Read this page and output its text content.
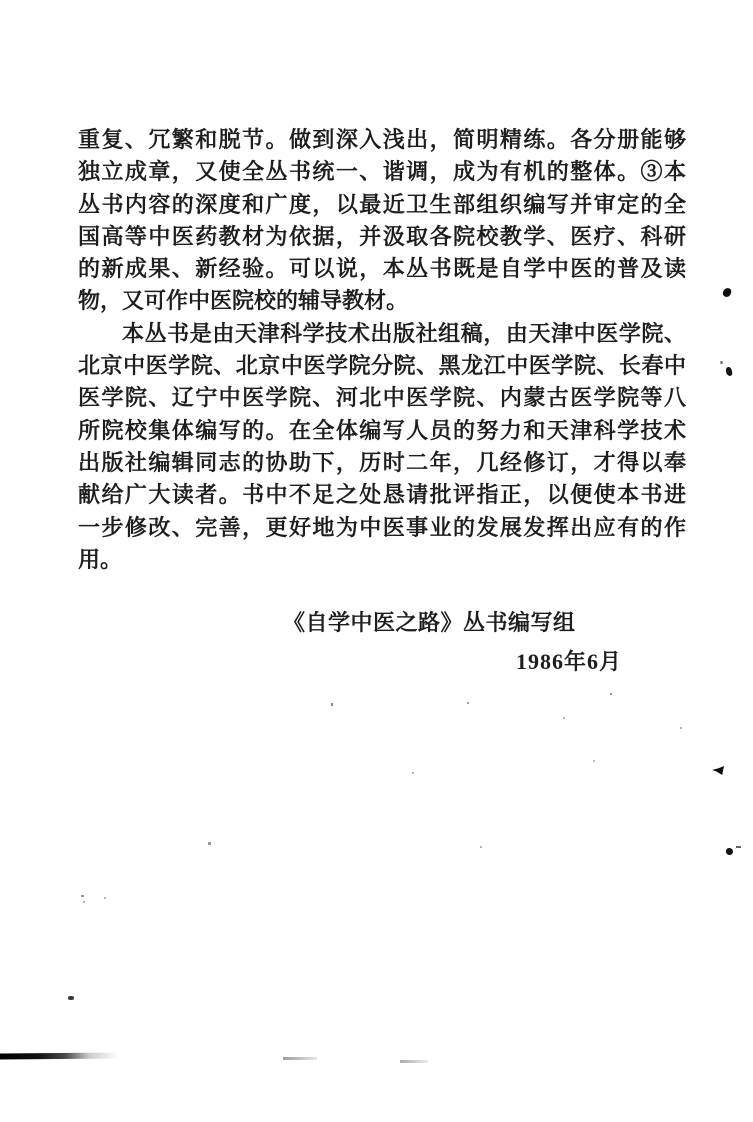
重复、冗繁和脱节。做到深入浅出，简明精练。各分册能够
独立成章，又使全丛书统一、谐调，成为有机的整体。③本
丛书内容的深度和广度，以最近卫生部组织编写并审定的全
国高等中医药教材为依据，并汲取各院校教学、医疗、科研
的新成果、新经验。可以说，本丛书既是自学中医的普及读
物，又可作中医院校的辅导教材。
本丛书是由天津科学技术出版社组稿，由天津中医学院、
北京中医学院、北京中医学院分院、黑龙江中医学院、长春中
医学院、辽宁中医学院、河北中医学院、内蒙古医学院等八
所院校集体编写的。在全体编写人员的努力和天津科学技术
出版社编辑同志的协助下，历时二年，几经修订，才得以奉
献给广大读者。书中不足之处恳请批评指正，以便使本书进
一步修改、完善，更好地为中医事业的发展发挥出应有的作
用。
《自学中医之路》丛书编写组
1986年6月
